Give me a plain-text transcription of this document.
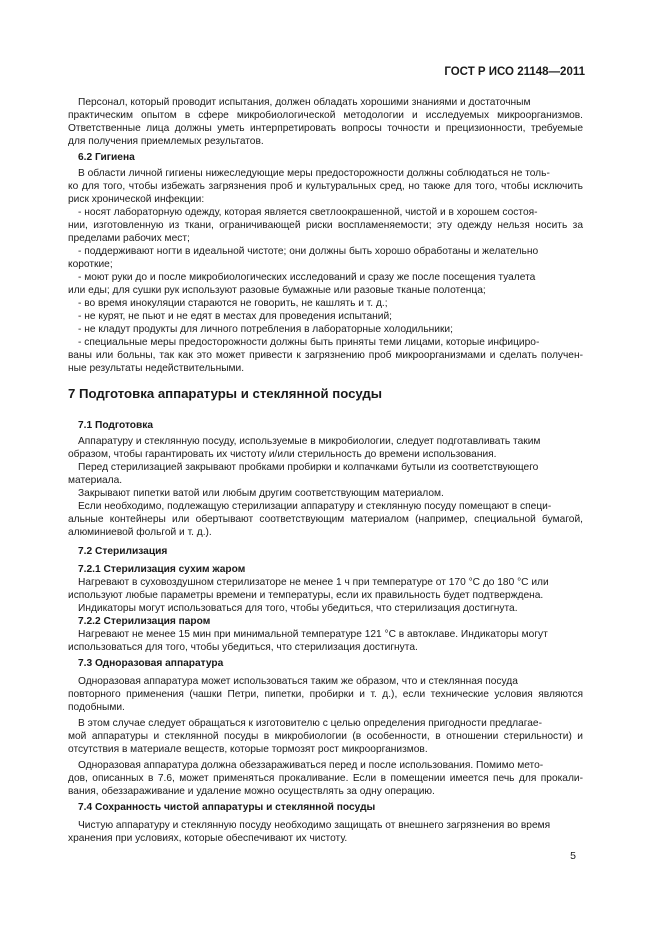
ГОСТ Р ИСО 21148—2011
Персонал, который проводит испытания, должен обладать хорошими знаниями и достаточным
практическим опытом в сфере микробиологической методологии и исследуемых микроорганизмов.
Ответственные лица должны уметь интерпретировать вопросы точности и прецизионности, требуемые
для получения приемлемых результатов.
6.2 Гигиена
В области личной гигиены нижеследующие меры предосторожности должны соблюдаться не толь-
ко для того, чтобы избежать загрязнения проб и культуральных сред, но также для того, чтобы исключить
риск хронической инфекции:
- носят лабораторную одежду, которая является светлоокрашенной, чистой и в хорошем состоя-
нии, изготовленную из ткани, ограничивающей риски воспламеняемости; эту одежду нельзя носить за
пределами рабочих мест;
- поддерживают ногти в идеальной чистоте; они должны быть хорошо обработаны и желательно
короткие;
- моют руки до и после микробиологических исследований и сразу же после посещения туалета
или еды; для сушки рук используют разовые бумажные или разовые тканые полотенца;
- во время инокуляции стараются не говорить, не кашлять и т. д.;
- не курят, не пьют и не едят в местах для проведения испытаний;
- не кладут продукты для личного потребления в лабораторные холодильники;
- специальные меры предосторожности должны быть приняты теми лицами, которые инфициро-
ваны или больны, так как это может привести к загрязнению проб микроорганизмами и сделать получен-
ные результаты недействительными.
7 Подготовка аппаратуры и стеклянной посуды
7.1 Подготовка
Аппаратуру и стеклянную посуду, используемые в микробиологии, следует подготавливать таким
образом, чтобы гарантировать их чистоту и/или стерильность до времени использования.
Перед стерилизацией закрывают пробками пробирки и колпачками бутыли из соответствующего
материала.
Закрывают пипетки ватой или любым другим соответствующим материалом.
Если необходимо, подлежащую стерилизации аппаратуру и стеклянную посуду помещают в специ-
альные контейнеры или обертывают соответствующим материалом (например, специальной бумагой,
алюминиевой фольгой и т. д.).
7.2 Стерилизация
7.2.1 Стерилизация сухим жаром
Нагревают в суховоздушном стерилизаторе не менее 1 ч при температуре от 170 °С до 180 °С или
используют любые параметры времени и температуры, если их правильность будет подтверждена.
Индикаторы могут использоваться для того, чтобы убедиться, что стерилизация достигнута.
7.2.2 Стерилизация паром
Нагревают не менее 15 мин при минимальной температуре 121 °С в автоклаве. Индикаторы могут
использоваться для того, чтобы убедиться, что стерилизация достигнута.
7.3 Одноразовая аппаратура
Одноразовая аппаратура может использоваться таким же образом, что и стеклянная посуда
повторного применения (чашки Петри, пипетки, пробирки и т. д.), если технические условия являются
подобными.
В этом случае следует обращаться к изготовителю с целью определения пригодности предлагае-
мой аппаратуры и стеклянной посуды в микробиологии (в особенности, в отношении стерильности) и
отсутствия в материале веществ, которые тормозят рост микроорганизмов.
Одноразовая аппаратура должна обеззараживаться перед и после использования. Помимо мето-
дов, описанных в 7.6, может применяться прокаливание. Если в помещении имеется печь для прокали-
вания, обеззараживание и удаление можно осуществлять за одну операцию.
7.4 Сохранность чистой аппаратуры и стеклянной посуды
Чистую аппаратуру и стеклянную посуду необходимо защищать от внешнего загрязнения во время
хранения при условиях, которые обеспечивают их чистоту.
5
